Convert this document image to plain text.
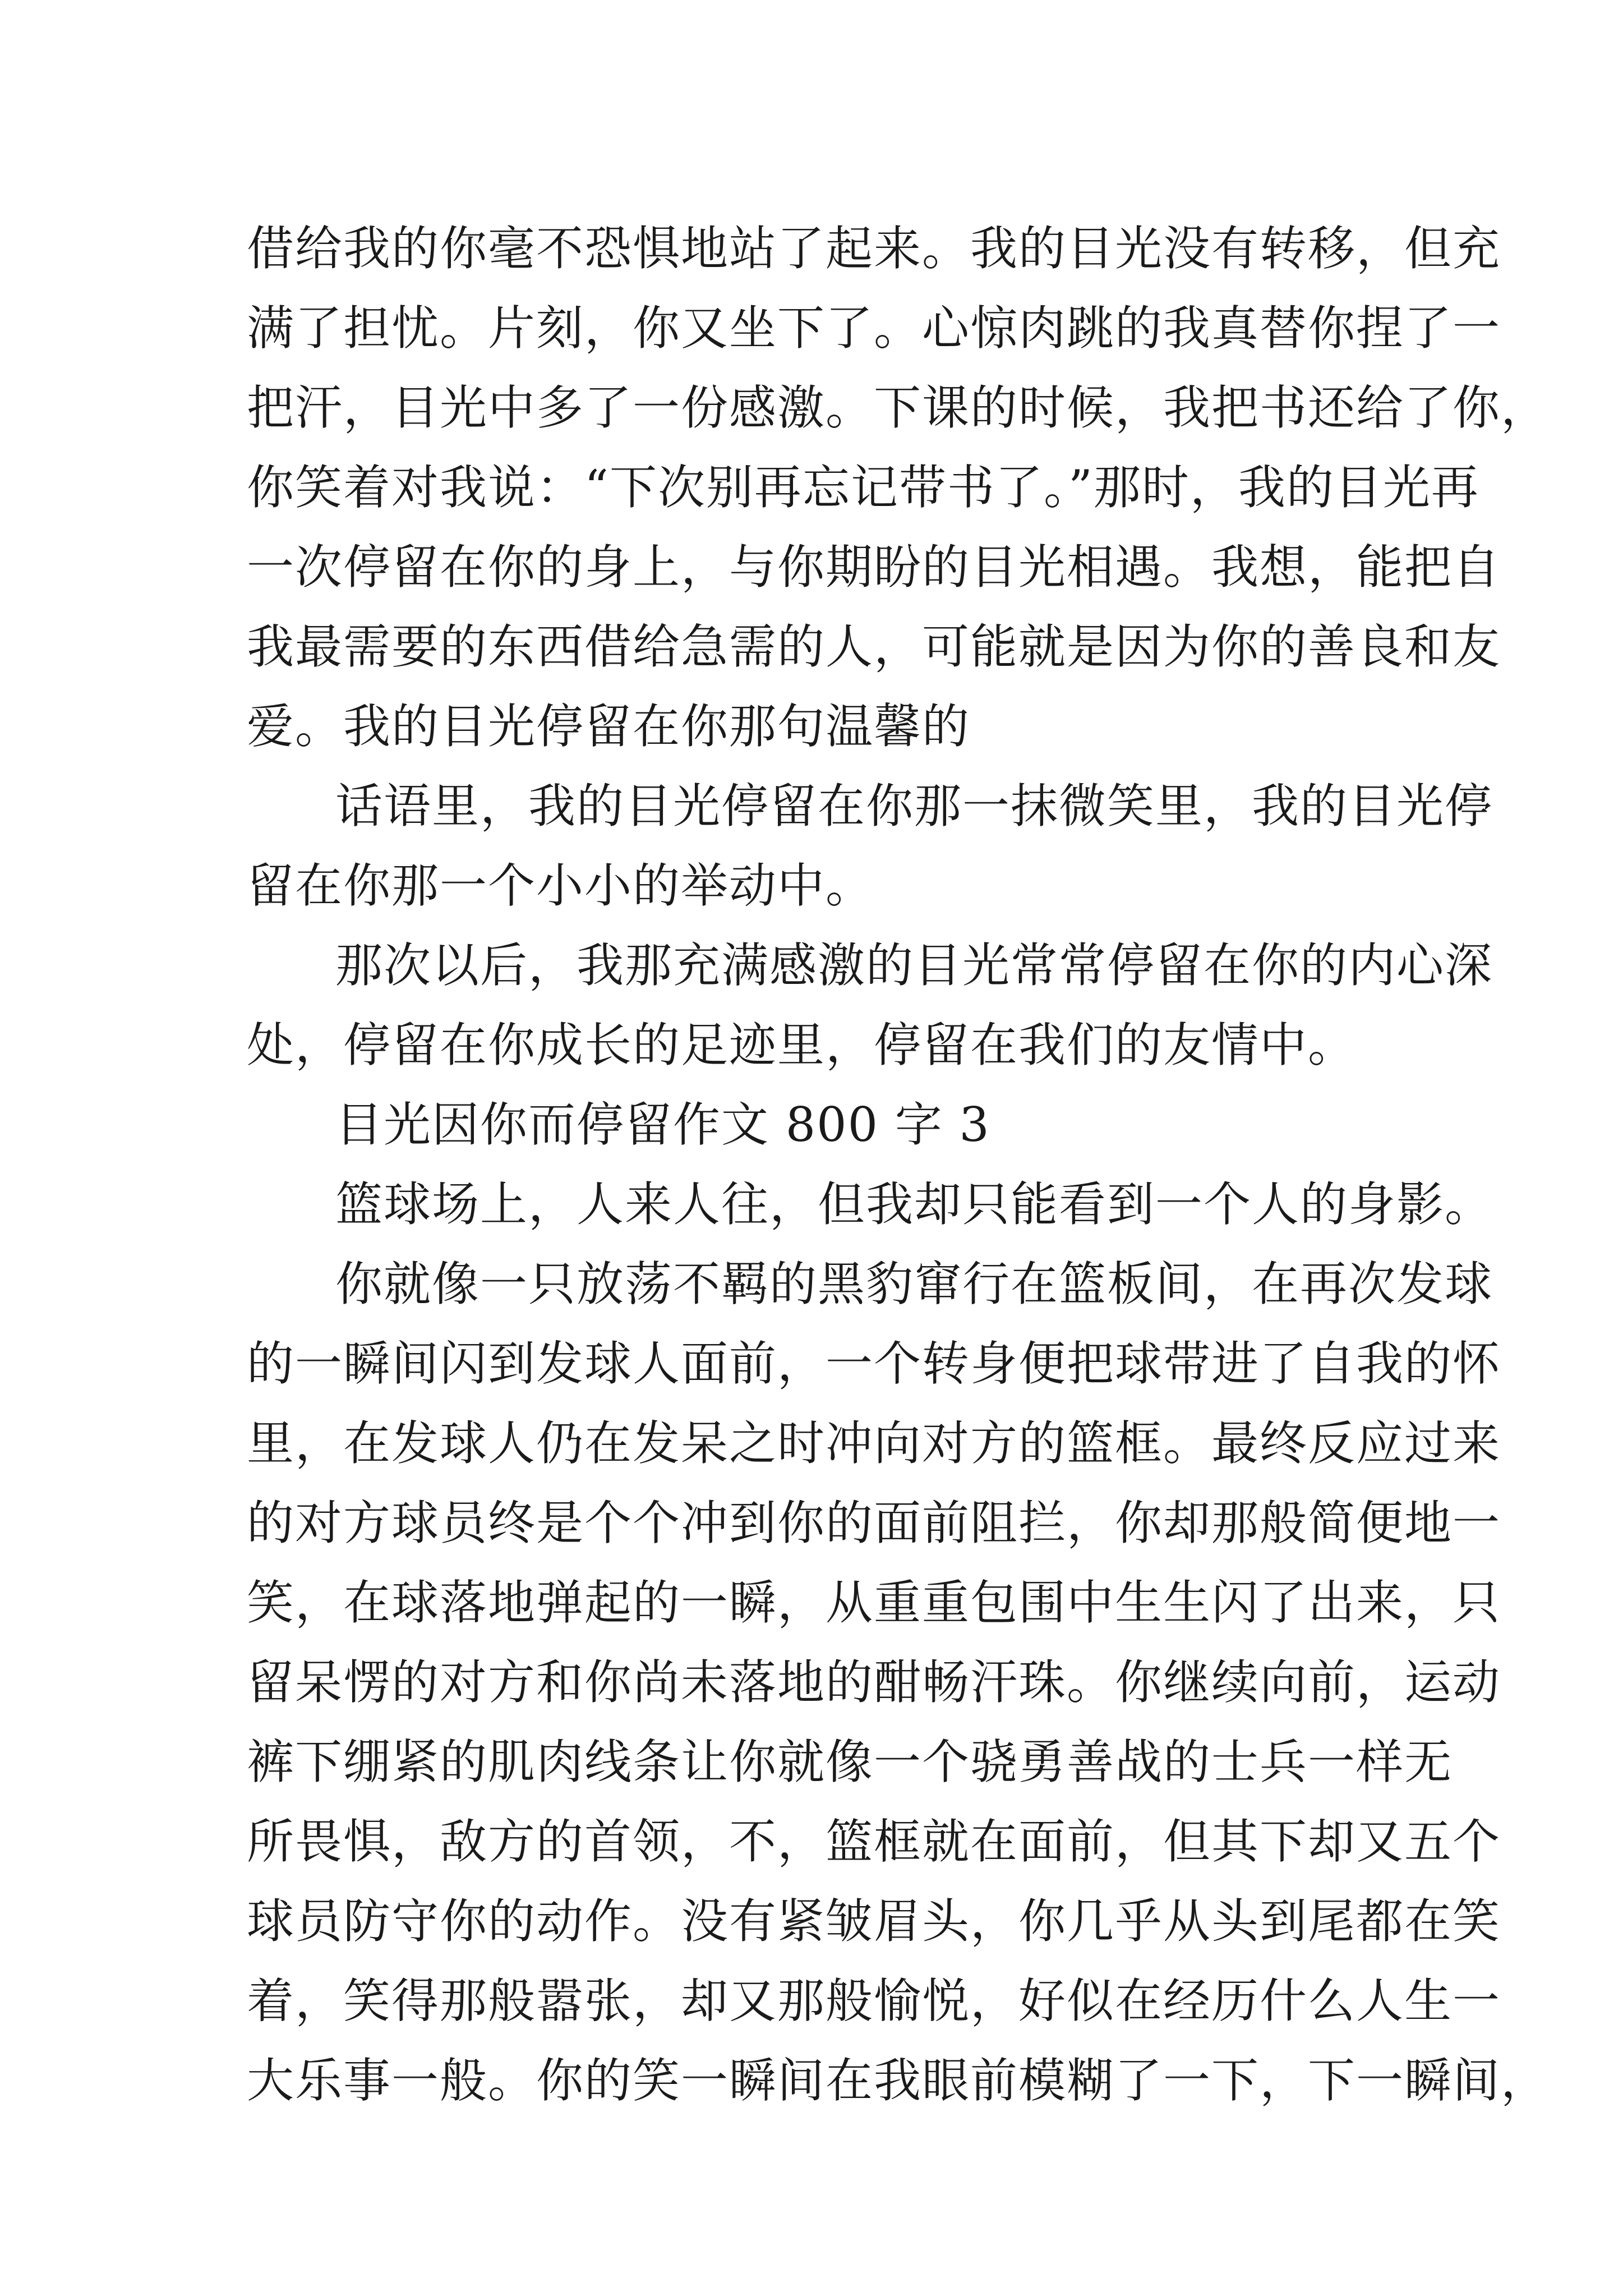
借给我的你毫不恐惧地站了起来。我的目光没有转移，但充
满了担忧。片刻，你又坐下了。心惊肉跳的我真替你捏了一
把汗，目光中多了一份感激。下课的时候，我把书还给了你，
你笑着对我说：“下次别再忘记带书了。”那时，我的目光再
一次停留在你的身上，与你期盼的目光相遇。我想，能把自
我最需要的东西借给急需的人，可能就是因为你的善良和友
爱。我的目光停留在你那句温馨的
话语里，我的目光停留在你那一抹微笑里，我的目光停
留在你那一个小小的举动中。
那次以后，我那充满感激的目光常常停留在你的内心深
处，停留在你成长的足迹里，停留在我们的友情中。
目光因你而停留作文 800 字 3
篮球场上，人来人往，但我却只能看到一个人的身影。
你就像一只放荡不羁的黑豹窜行在篮板间，在再次发球
的一瞬间闪到发球人面前，一个转身便把球带进了自我的怀
里，在发球人仍在发呆之时冲向对方的篮框。最终反应过来
的对方球员终是个个冲到你的面前阻拦，你却那般简便地一
笑，在球落地弹起的一瞬，从重重包围中生生闪了出来，只
留呆愣的对方和你尚未落地的酣畅汗珠。你继续向前，运动
裤下绷紧的肌肉线条让你就像一个骁勇善战的士兵一样无
所畏惧，敌方的首领，不，篮框就在面前，但其下却又五个
球员防守你的动作。没有紧皱眉头，你几乎从头到尾都在笑
着，笑得那般嚣张，却又那般愉悦，好似在经历什么人生一
大乐事一般。你的笑一瞬间在我眼前模糊了一下，下一瞬间，
